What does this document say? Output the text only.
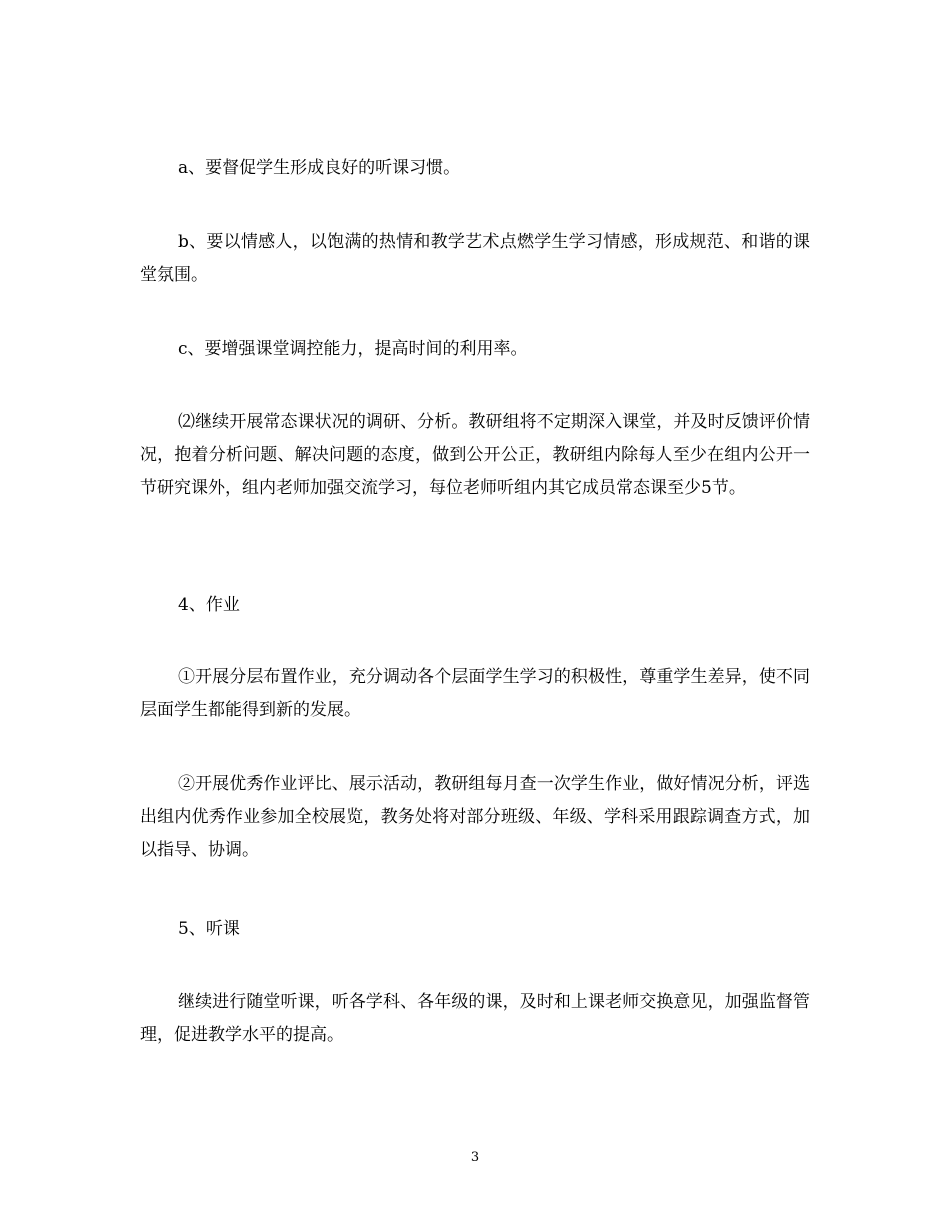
a、要督促学生形成良好的听课习惯。

b、要以情感人，以饱满的热情和教学艺术点燃学生学习情感，形成规范、和谐的课堂氛围。

c、要增强课堂调控能力，提高时间的利用率。

⑵继续开展常态课状况的调研、分析。教研组将不定期深入课堂，并及时反馈评价情况，抱着分析问题、解决问题的态度，做到公开公正，教研组内除每人至少在组内公开一节研究课外，组内老师加强交流学习，每位老师听组内其它成员常态课至少5节。

4、作业

①开展分层布置作业，充分调动各个层面学生学习的积极性，尊重学生差异，使不同层面学生都能得到新的发展。

②开展优秀作业评比、展示活动，教研组每月查一次学生作业，做好情况分析，评选出组内优秀作业参加全校展览，教务处将对部分班级、年级、学科采用跟踪调查方式，加以指导、协调。

5、听课

继续进行随堂听课，听各学科、各年级的课，及时和上课老师交换意见，加强监督管理，促进教学水平的提高。

3
